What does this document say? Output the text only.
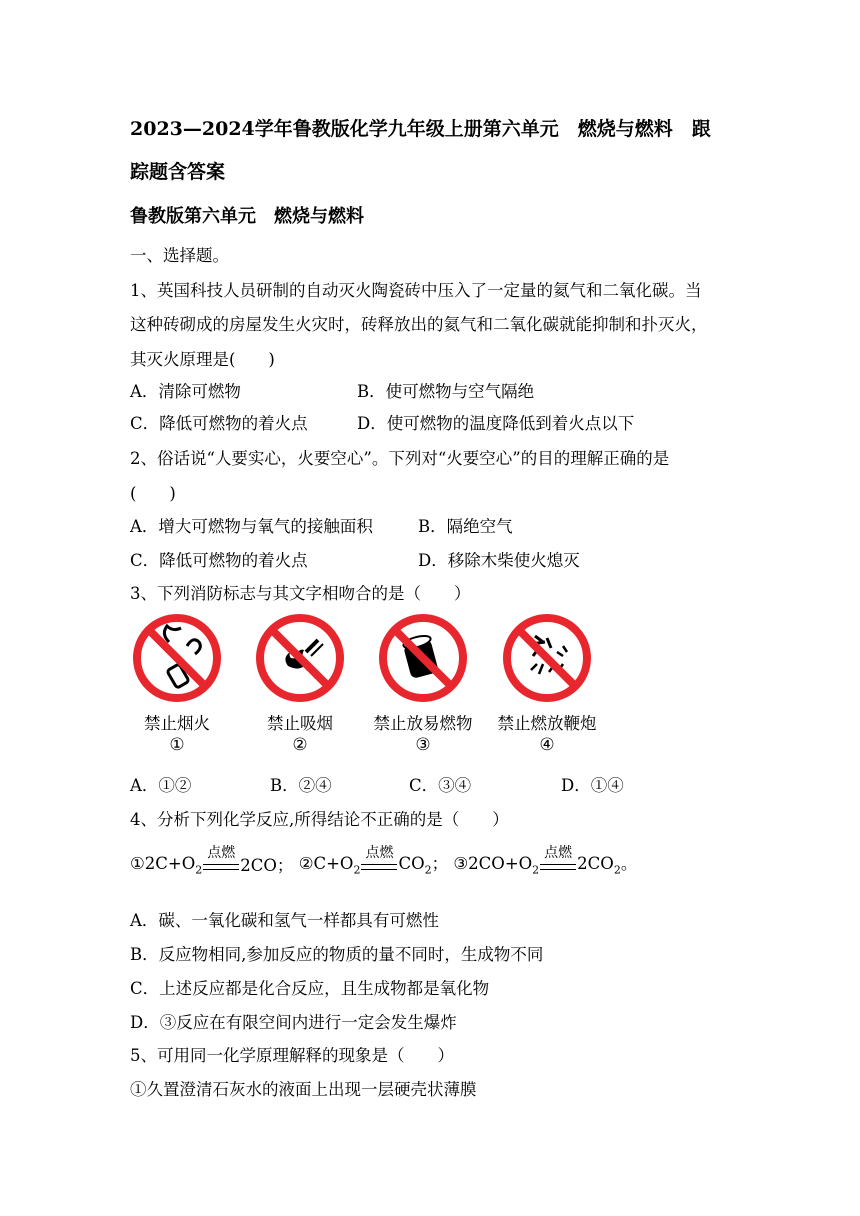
2023—2024学年鲁教版化学九年级上册第六单元　燃烧与燃料　跟
踪题含答案
鲁教版第六单元　燃烧与燃料
一、选择题。
1、英国科技人员研制的自动灭火陶瓷砖中压入了一定量的氦气和二氧化碳。当
这种砖砌成的房屋发生火灾时，砖释放出的氦气和二氧化碳就能抑制和扑灭火，
其灭火原理是(　　)
A．清除可燃物	B．使可燃物与空气隔绝
C．降低可燃物的着火点	D．使可燃物的温度降低到着火点以下
2、俗话说“人要实心，火要空心”。下列对“火要空心”的目的理解正确的是
(　　)
A．增大可燃物与氧气的接触面积	B．隔绝空气
C．降低可燃物的着火点	D．移除木柴使火熄灭
3、下列消防标志与其文字相吻合的是（　　）
禁止烟火
①
禁止吸烟
②
禁止放易燃物
③
禁止燃放鞭炮
④
A．①②	B．②④	C．③④	D．①④
4、分析下列化学反应,所得结论不正确的是（　　）
$①2C+O_2$
点燃
2CO； $②C+O_2$
点燃
$CO_2$； $③2CO+O_2$
点燃
$2CO_2$。
A．碳、一氧化碳和氢气一样都具有可燃性
B．反应物相同,参加反应的物质的量不同时，生成物不同
C．上述反应都是化合反应，且生成物都是氧化物
D．③反应在有限空间内进行一定会发生爆炸
5、可用同一化学原理解释的现象是（　　）
①久置澄清石灰水的液面上出现一层硬壳状薄膜
